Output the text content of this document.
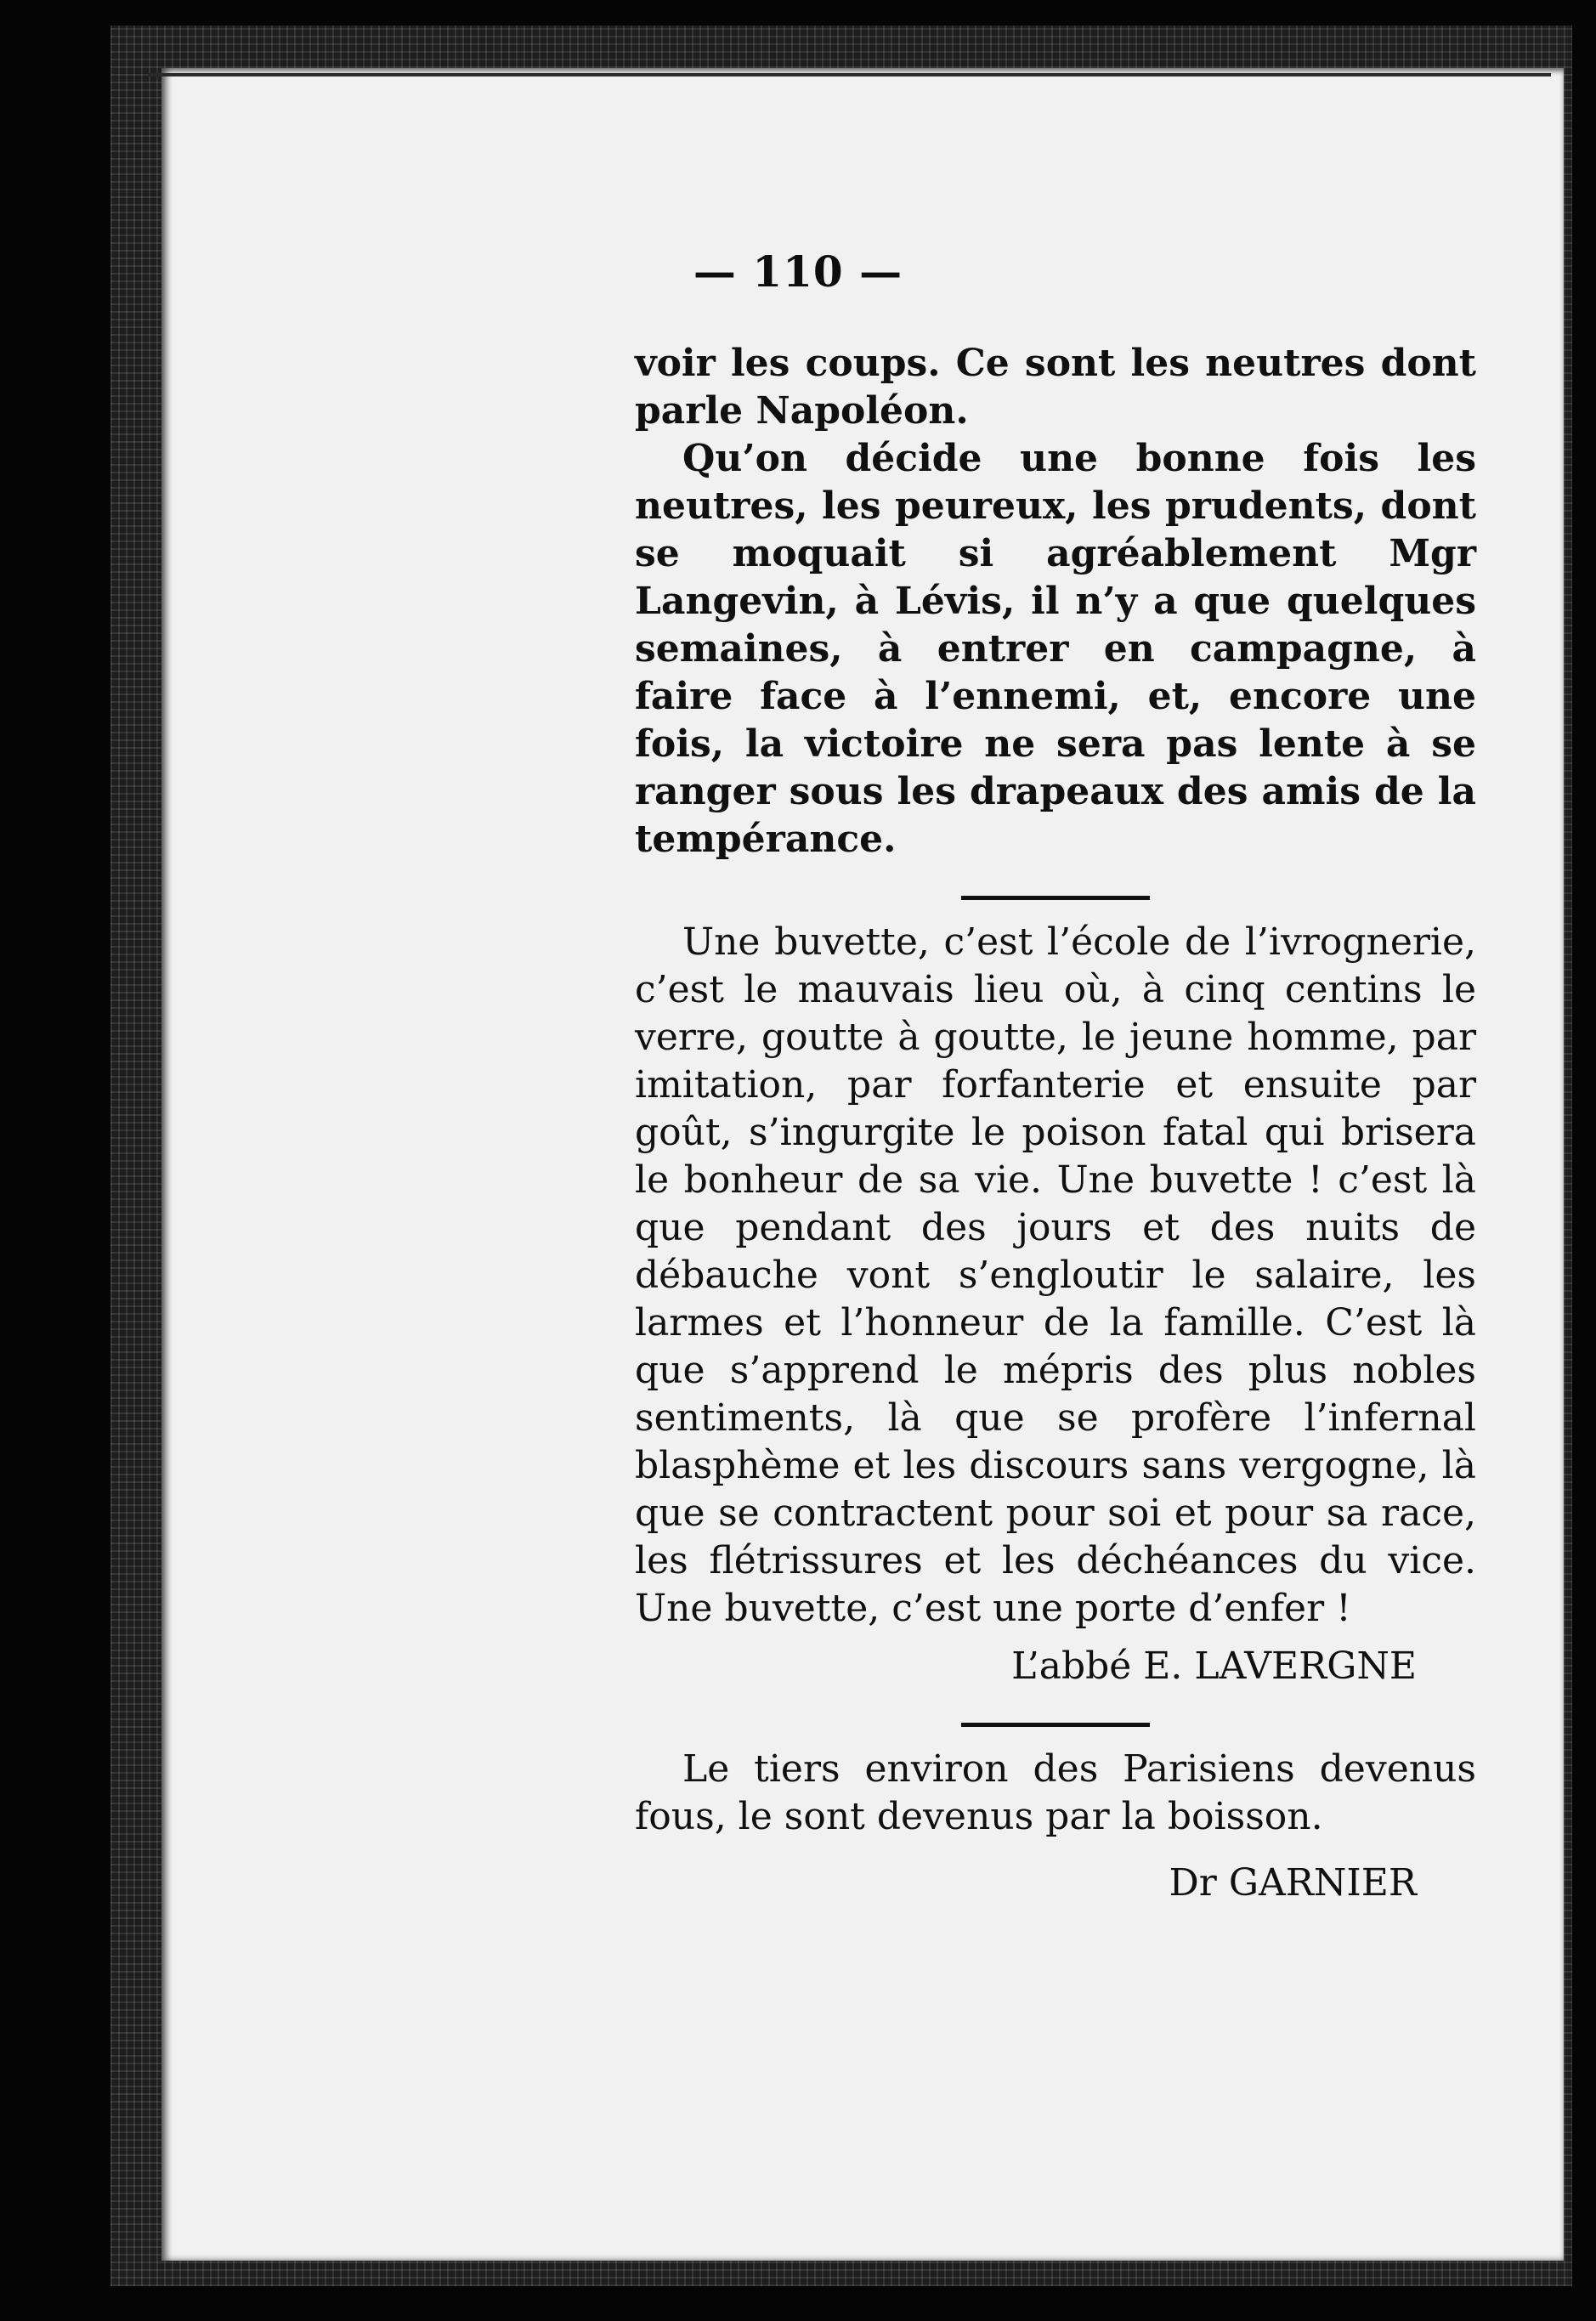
— 110 —

voir les coups. Ce sont les neutres dont parle Napoléon.

Qu’on décide une bonne fois les neutres, les peureux, les prudents, dont se moquait si agréablement Mgr Langevin, à Lévis, il n’y a que quelques semaines, à entrer en campagne, à faire face à l’ennemi, et, encore une fois, la victoire ne sera pas lente à se ranger sous les drapeaux des amis de la tempérance.

Une buvette, c’est l’école de l’ivrognerie, c’est le mauvais lieu où, à cinq centins le verre, goutte à goutte, le jeune homme, par imitation, par forfanterie et ensuite par goût, s’ingurgite le poison fatal qui brisera le bonheur de sa vie. Une buvette ! c’est là que pendant des jours et des nuits de débauche vont s’engloutir le salaire, les larmes et l’honneur de la famille. C’est là que s’apprend le mépris des plus nobles sentiments, là que se profère l’infernal blasphème et les discours sans vergogne, là que se contractent pour soi et pour sa race, les flétrissures et les déchéances du vice. Une buvette, c’est une porte d’enfer !

L’abbé E. LAVERGNE

Le tiers environ des Parisiens devenus fous, le sont devenus par la boisson.

Dr GARNIER
